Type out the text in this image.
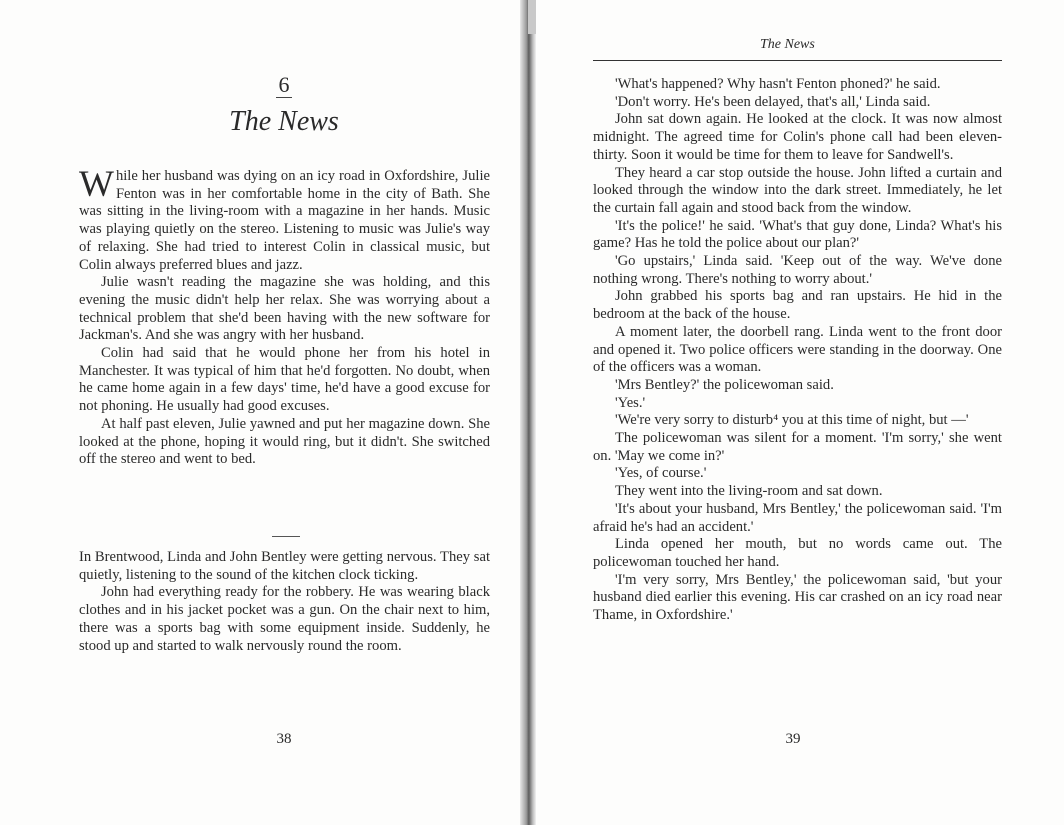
6
The News

While her husband was dying on an icy road in Oxfordshire, Julie Fenton was in her comfortable home in the city of Bath. She was sitting in the living-room with a magazine in her hands. Music was playing quietly on the stereo. Listening to music was Julie's way of relaxing. She had tried to interest Colin in classical music, but Colin always preferred blues and jazz.

Julie wasn't reading the magazine she was holding, and this evening the music didn't help her relax. She was worrying about a technical problem that she'd been having with the new software for Jackman's. And she was angry with her husband.

Colin had said that he would phone her from his hotel in Manchester. It was typical of him that he'd forgotten. No doubt, when he came home again in a few days' time, he'd have a good excuse for not phoning. He usually had good excuses.

At half past eleven, Julie yawned and put her magazine down. She looked at the phone, hoping it would ring, but it didn't. She switched off the stereo and went to bed.

In Brentwood, Linda and John Bentley were getting nervous. They sat quietly, listening to the sound of the kitchen clock ticking.

John had everything ready for the robbery. He was wearing black clothes and in his jacket pocket was a gun. On the chair next to him, there was a sports bag with some equipment inside. Suddenly, he stood up and started to walk nervously round the room.

38
The News

'What's happened? Why hasn't Fenton phoned?' he said.

'Don't worry. He's been delayed, that's all,' Linda said.

John sat down again. He looked at the clock. It was now almost midnight. The agreed time for Colin's phone call had been eleven-thirty. Soon it would be time for them to leave for Sandwell's.

They heard a car stop outside the house. John lifted a curtain and looked through the window into the dark street. Immediately, he let the curtain fall again and stood back from the window.

'It's the police!' he said. 'What's that guy done, Linda? What's his game? Has he told the police about our plan?'

'Go upstairs,' Linda said. 'Keep out of the way. We've done nothing wrong. There's nothing to worry about.'

John grabbed his sports bag and ran upstairs. He hid in the bedroom at the back of the house.

A moment later, the doorbell rang. Linda went to the front door and opened it. Two police officers were standing in the doorway. One of the officers was a woman.

'Mrs Bentley?' the policewoman said.

'Yes.'

'We're very sorry to disturb⁴ you at this time of night, but —'

The policewoman was silent for a moment. 'I'm sorry,' she went on. 'May we come in?'

'Yes, of course.'

They went into the living-room and sat down.

'It's about your husband, Mrs Bentley,' the policewoman said. 'I'm afraid he's had an accident.'

Linda opened her mouth, but no words came out. The policewoman touched her hand.

'I'm very sorry, Mrs Bentley,' the policewoman said, 'but your husband died earlier this evening. His car crashed on an icy road near Thame, in Oxfordshire.'

39
